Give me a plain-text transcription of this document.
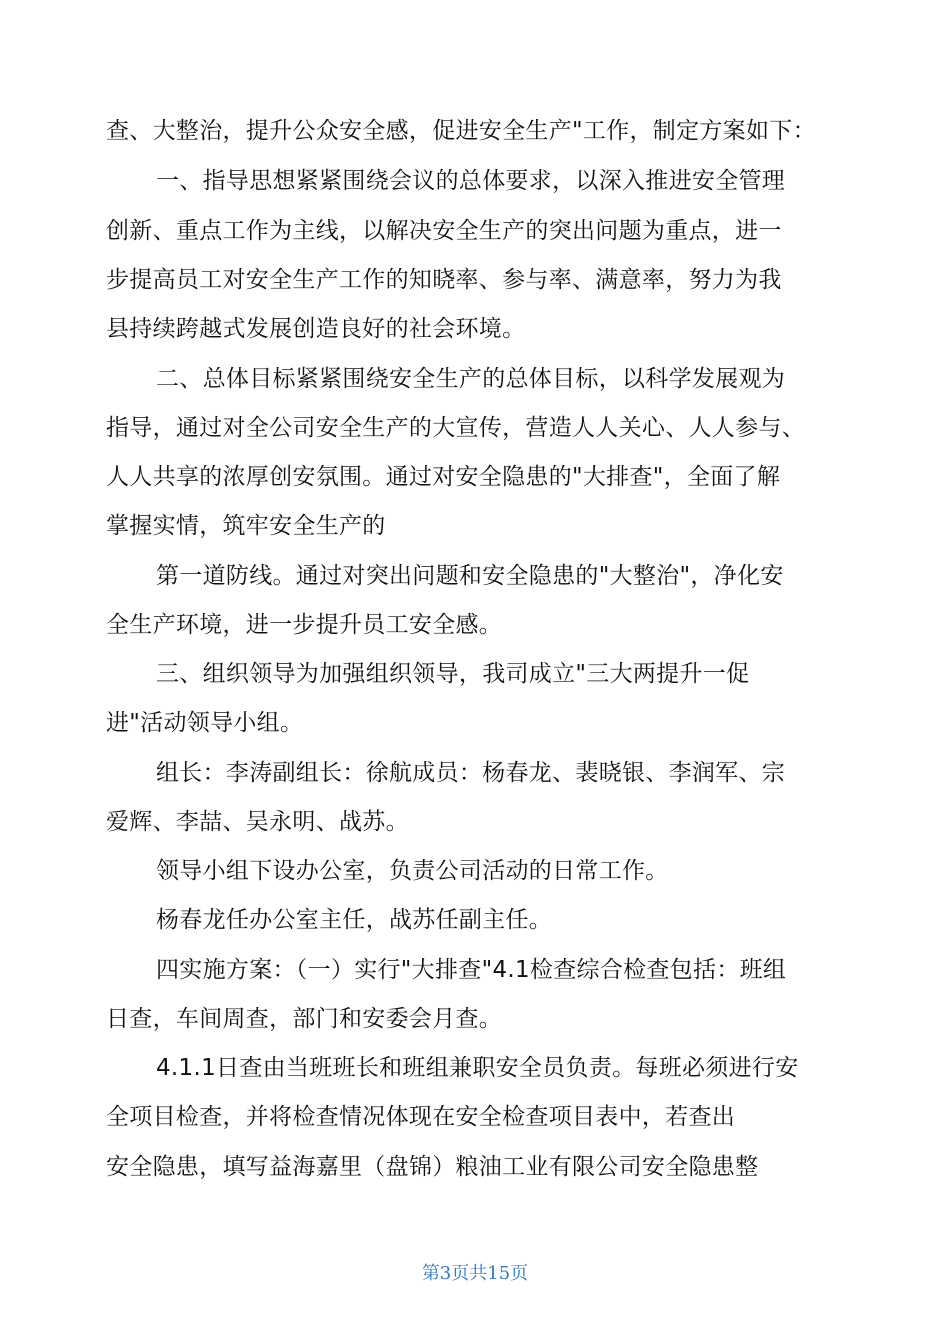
查、大整治，提升公众安全感，促进安全生产"工作，制定方案如下：
一、指导思想紧紧围绕会议的总体要求，以深入推进安全管理
创新、重点工作为主线，以解决安全生产的突出问题为重点，进一
步提高员工对安全生产工作的知晓率、参与率、满意率，努力为我
县持续跨越式发展创造良好的社会环境。
二、总体目标紧紧围绕安全生产的总体目标，以科学发展观为
指导，通过对全公司安全生产的大宣传，营造人人关心、人人参与、
人人共享的浓厚创安氛围。通过对安全隐患的"大排查"，全面了解
掌握实情，筑牢安全生产的
第一道防线。通过对突出问题和安全隐患的"大整治"，净化安
全生产环境，进一步提升员工安全感。
三、组织领导为加强组织领导，我司成立"三大两提升一促
进"活动领导小组。
组长：李涛副组长：徐航成员：杨春龙、裴晓银、李润军、宗
爱辉、李喆、吴永明、战苏。
领导小组下设办公室，负责公司活动的日常工作。
杨春龙任办公室主任，战苏任副主任。
四实施方案：（一）实行"大排查"4.1检查综合检查包括：班组
日查，车间周查，部门和安委会月查。
4.1.1日查由当班班长和班组兼职安全员负责。每班必须进行安
全项目检查，并将检查情况体现在安全检查项目表中，若查出
安全隐患，填写益海嘉里（盘锦）粮油工业有限公司安全隐患整
第3页共15页
